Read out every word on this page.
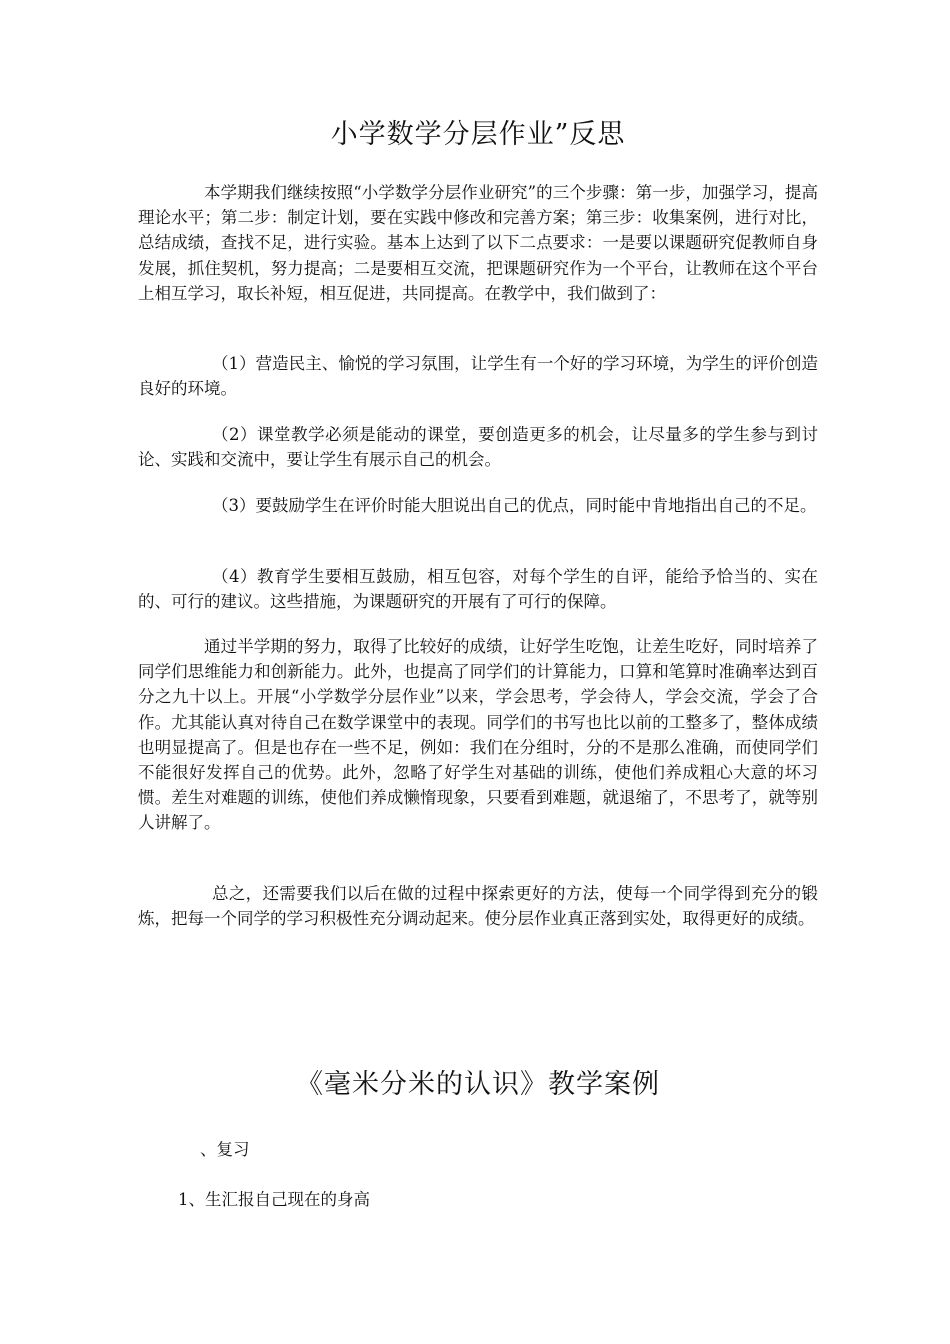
小学数学分层作业”反思

本学期我们继续按照“小学数学分层作业研究”的三个步骤：第一步，加强学习，提高理论水平；第二步：制定计划，要在实践中修改和完善方案；第三步：收集案例，进行对比，总结成绩，查找不足，进行实验。基本上达到了以下二点要求：一是要以课题研究促教师自身发展，抓住契机，努力提高；二是要相互交流，把课题研究作为一个平台，让教师在这个平台上相互学习，取长补短，相互促进，共同提高。在教学中，我们做到了：

（1）营造民主、愉悦的学习氛围，让学生有一个好的学习环境，为学生的评价创造良好的环境。

（2）课堂教学必须是能动的课堂，要创造更多的机会，让尽量多的学生参与到讨论、实践和交流中，要让学生有展示自己的机会。

（3）要鼓励学生在评价时能大胆说出自己的优点，同时能中肯地指出自己的不足。

（4）教育学生要相互鼓励，相互包容，对每个学生的自评，能给予恰当的、实在的、可行的建议。这些措施，为课题研究的开展有了可行的保障。

通过半学期的努力，取得了比较好的成绩，让好学生吃饱，让差生吃好，同时培养了同学们思维能力和创新能力。此外，也提高了同学们的计算能力，口算和笔算时准确率达到百分之九十以上。开展“小学数学分层作业”以来，学会思考，学会待人，学会交流，学会了合作。尤其能认真对待自己在数学课堂中的表现。同学们的书写也比以前的工整多了，整体成绩也明显提高了。但是也存在一些不足，例如：我们在分组时，分的不是那么准确，而使同学们不能很好发挥自己的优势。此外，忽略了好学生对基础的训练，使他们养成粗心大意的坏习惯。差生对难题的训练，使他们养成懒惰现象，只要看到难题，就退缩了，不思考了，就等别人讲解了。

总之，还需要我们以后在做的过程中探索更好的方法，使每一个同学得到充分的锻炼，把每一个同学的学习积极性充分调动起来。使分层作业真正落到实处，取得更好的成绩。

《毫米分米的认识》教学案例
、复习
1、生汇报自己现在的身高
